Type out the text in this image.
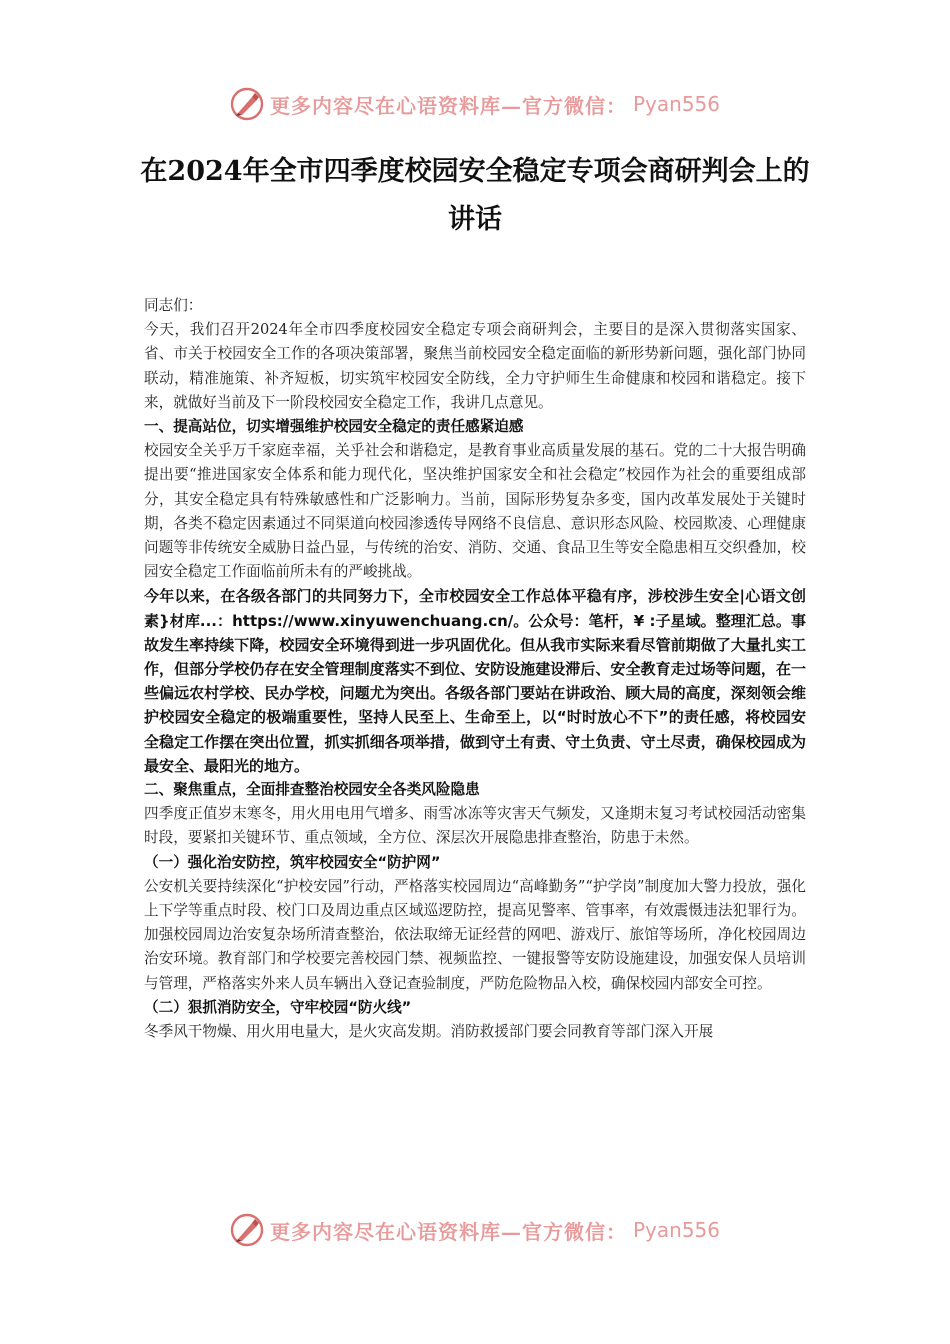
更多内容尽在心语资料库—官方微信： Pyan556
在2024年全市四季度校园安全稳定专项会商研判会上的讲话

同志们：

今天，我们召开2024年全市四季度校园安全稳定专项会商研判会，主要目的是深入贯彻落实国家、省、市关于校园安全工作的各项决策部署，聚焦当前校园安全稳定面临的新形势新问题，强化部门协同联动，精准施策、补齐短板，切实筑牢校园安全防线，全力守护师生生命健康和校园和谐稳定。接下来，就做好当前及下一阶段校园安全稳定工作，我讲几点意见。

一、提高站位，切实增强维护校园安全稳定的责任感紧迫感

校园安全关乎万千家庭幸福，关乎社会和谐稳定，是教育事业高质量发展的基石。党的二十大报告明确提出要“推进国家安全体系和能力现代化，坚决维护国家安全和社会稳定”校园作为社会的重要组成部分，其安全稳定具有特殊敏感性和广泛影响力。当前，国际形势复杂多变，国内改革发展处于关键时期，各类不稳定因素通过不同渠道向校园渗透传导网络不良信息、意识形态风险、校园欺凌、心理健康问题等非传统安全威胁日益凸显，与传统的治安、消防、交通、食品卫生等安全隐患相互交织叠加，校园安全稳定工作面临前所未有的严峻挑战。

今年以来，在各级各部门的共同努力下，全市校园安全工作总体平稳有序，涉校涉生安全|心语文创素}材库...：https://www.xinyuwenchuang.cn/。公众号：笔杆，¥ :子星域。整理汇总。事故发生率持续下降，校园安全环境得到进一步巩固优化。但从我市实际来看尽管前期做了大量扎实工作，但部分学校仍存在安全管理制度落实不到位、安防设施建设滞后、安全教育走过场等问题，在一些偏远农村学校、民办学校，问题尤为突出。各级各部门要站在讲政治、顾大局的高度，深刻领会维护校园安全稳定的极端重要性，坚持人民至上、生命至上，以“时时放心不下”的责任感，将校园安全稳定工作摆在突出位置，抓实抓细各项举措，做到守土有责、守土负责、守土尽责，确保校园成为最安全、最阳光的地方。

二、聚焦重点，全面排查整治校园安全各类风险隐患

四季度正值岁末寒冬，用火用电用气增多、雨雪冰冻等灾害天气频发，又逢期末复习考试校园活动密集时段，要紧扣关键环节、重点领域，全方位、深层次开展隐患排查整治，防患于未然。

（一）强化治安防控，筑牢校园安全“防护网”

公安机关要持续深化“护校安园”行动，严格落实校园周边“高峰勤务”“护学岗”制度加大警力投放，强化上下学等重点时段、校门口及周边重点区域巡逻防控，提高见警率、管事率，有效震慑违法犯罪行为。加强校园周边治安复杂场所清查整治，依法取缔无证经营的网吧、游戏厅、旅馆等场所，净化校园周边治安环境。教育部门和学校要完善校园门禁、视频监控、一键报警等安防设施建设，加强安保人员培训与管理，严格落实外来人员车辆出入登记查验制度，严防危险物品入校，确保校园内部安全可控。

（二）狠抓消防安全，守牢校园“防火线”

冬季风干物燥、用火用电量大，是火灾高发期。消防救援部门要会同教育等部门深入开展

更多内容尽在心语资料库—官方微信： Pyan556
